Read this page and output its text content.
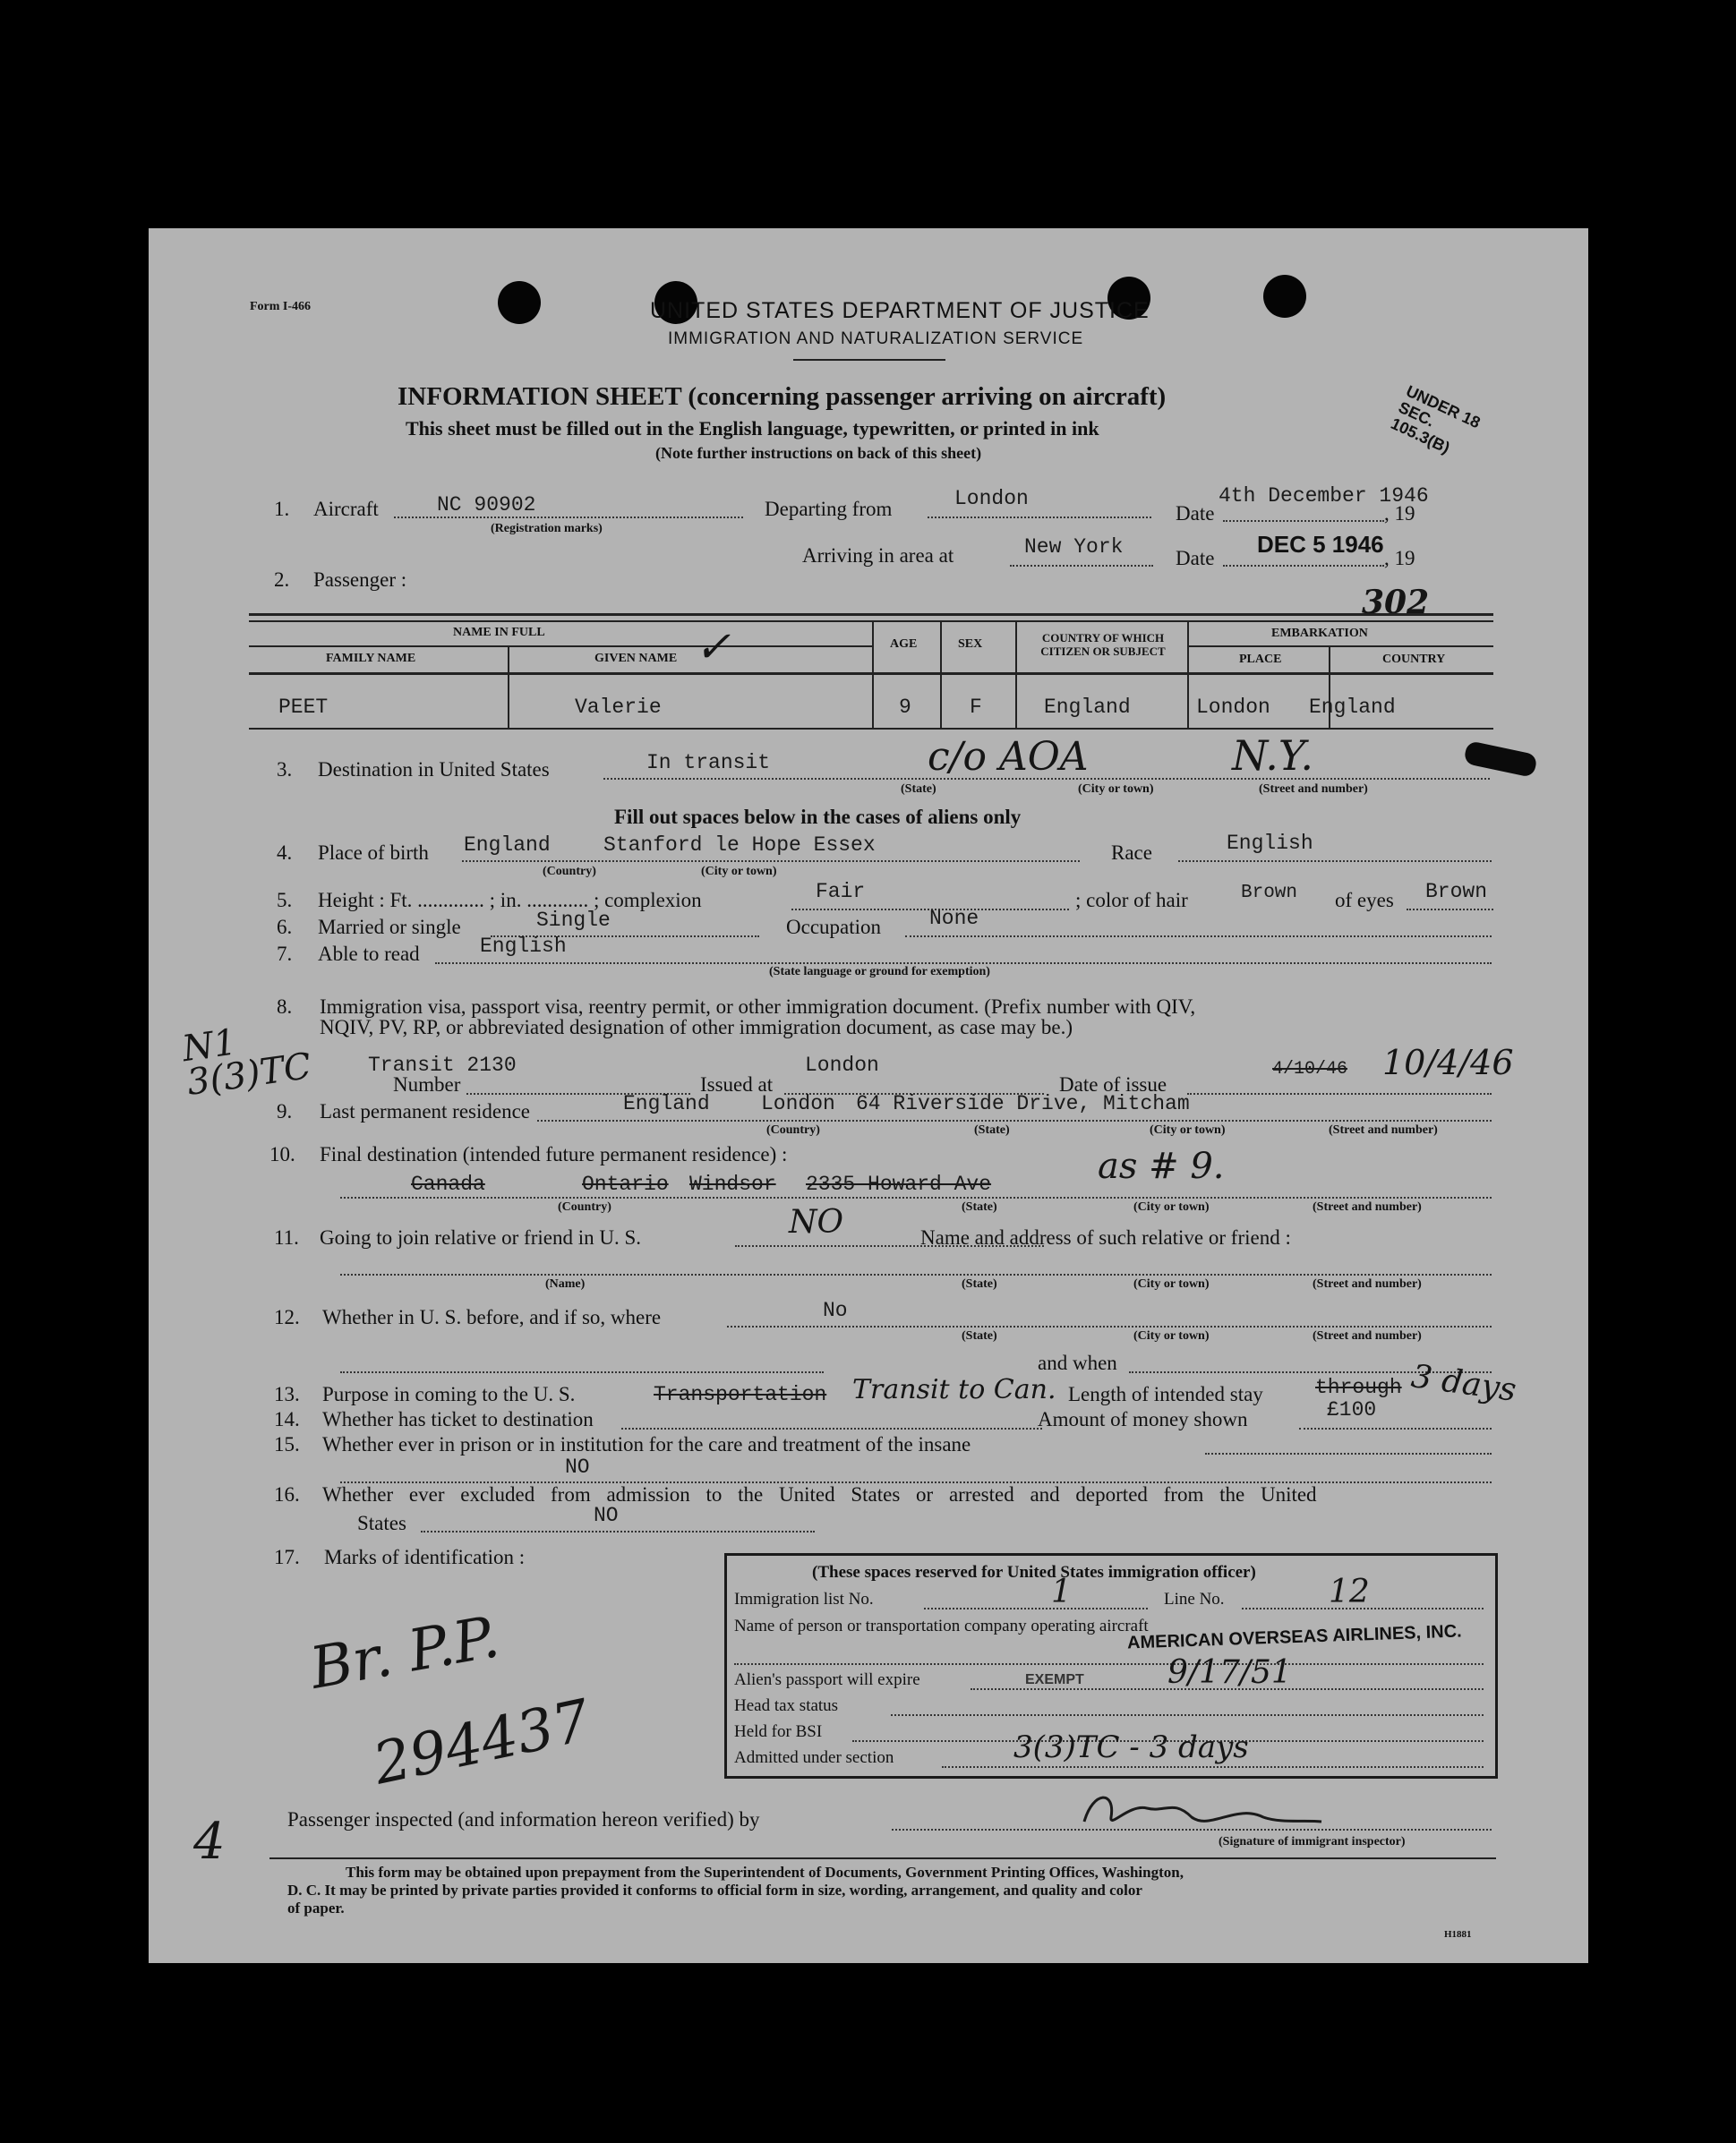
Form I-466	UNITED STATES DEPARTMENT OF JUSTICE
IMMIGRATION AND NATURALIZATION SERVICE
INFORMATION SHEET (concerning passenger arriving on aircraft)
This sheet must be filled out in the English language, typewritten, or printed in ink
(Note further instructions on back of this sheet)
UNDER 18 SEC. 105.3(B)
1. Aircraft	NC 90902
(Registration marks)
Departing from	London
Date
4th December 1946
, 19
Arriving in area at	New York	Date
DEC 5 1946
, 19
2. Passenger :
302
NAME IN FULL
FAMILY NAME	GIVEN NAME
AGE	SEX	COUNTRY OF WHICH CITIZEN OR SUBJECT
EMBARKATION
PLACE	COUNTRY
✓
PEET	Valerie	9	F	England	London England
3. Destination in United States	In transit	c/o AOA	N.Y.
(State)	(City or town)	(Street and number)
Fill out spaces below in the cases of aliens only
4. Place of birth England	Stanford le Hope Essex
(Country)	(City or town)
Race	English
5. Height : Ft. ............. ; in. ............ ; complexion	Fair	; color of hair	Brown of eyes Brown
6. Married or single	Single	Occupation None
7. Able to read	English
(State language or ground for exemption)
8. Immigration visa, passport visa, reentry permit, or other immigration document. (Prefix number with QIV,
NQIV, PV, RP, or abbreviated designation of other immigration document, as case may be.)
N1 3(3)TC	Transit 2130
Number	Issued at
London
Date of issue
4/10/46 10/4/46
9. Last permanent residence	England London 64 Riverside Drive, Mitcham
(Country)	(State)	(City or town)	(Street and number)
10. Final destination (intended future permanent residence) :
Canada	Ontario Windsor 2335 Howard Ave	as # 9.
(Country)	(State)	(City or town)	(Street and number)
11. Going to join relative or friend in U. S.	NO	Name and address of such relative or friend :
(Name)	(State)	(City or town)	(Street and number)
12. Whether in U. S. before, and if so, where	No
(State)	(City or town)	(Street and number)
and when
13. Purpose in coming to the U. S.	Transportation Transit to Can. Length of intended stay	through 3 days
14. Whether has ticket to destination	Amount of money shown	£100
15. Whether ever in prison or in institution for the care and treatment of the insane
NO
16. Whether ever excluded from admission to the United States or arrested and deported from the United
States	NO
17. Marks of identification :
Br. P.P.
294437
4
(These spaces reserved for United States immigration officer)
Immigration list No.	1	Line No.	12
Name of person or transportation company operating aircraft
AMERICAN OVERSEAS AIRLINES, INC.
Alien's passport will expire	EXEMPT	9/17/51
Head tax status
Held for BSI
Admitted under section	3(3)TC - 3 days
Passenger inspected (and information hereon verified) by
(Signature of immigrant inspector)
This form may be obtained upon prepayment from the Superintendent of Documents, Government Printing Offices, Washington,
D. C. It may be printed by private parties provided it conforms to official form in size, wording, arrangement, and quality and color
of paper.
H1881
